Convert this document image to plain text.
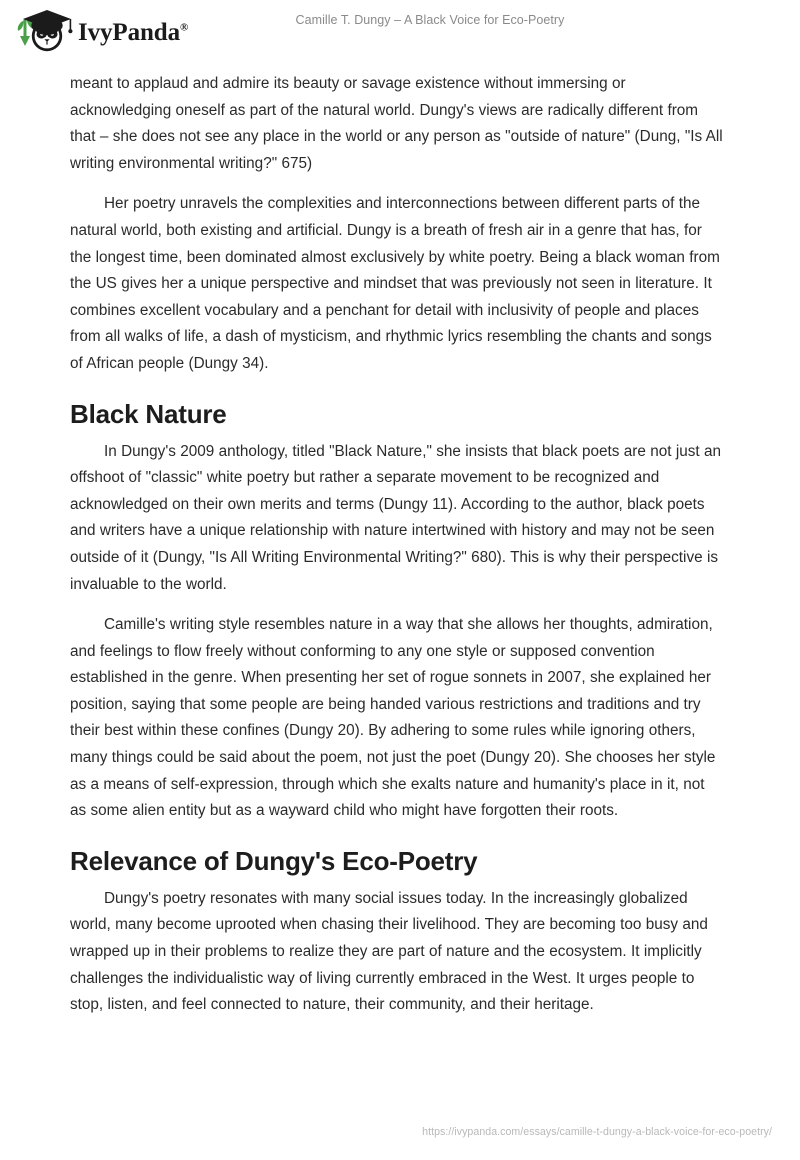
IvyPanda®
Camille T. Dungy – A Black Voice for Eco-Poetry

meant to applaud and admire its beauty or savage existence without immersing or acknowledging oneself as part of the natural world. Dungy's views are radically different from that – she does not see any place in the world or any person as "outside of nature" (Dung, "Is All writing environmental writing?" 675)

Her poetry unravels the complexities and interconnections between different parts of the natural world, both existing and artificial. Dungy is a breath of fresh air in a genre that has, for the longest time, been dominated almost exclusively by white poetry. Being a black woman from the US gives her a unique perspective and mindset that was previously not seen in literature. It combines excellent vocabulary and a penchant for detail with inclusivity of people and places from all walks of life, a dash of mysticism, and rhythmic lyrics resembling the chants and songs of African people (Dungy 34).

Black Nature

In Dungy's 2009 anthology, titled "Black Nature," she insists that black poets are not just an offshoot of "classic" white poetry but rather a separate movement to be recognized and acknowledged on their own merits and terms (Dungy 11). According to the author, black poets and writers have a unique relationship with nature intertwined with history and may not be seen outside of it (Dungy, "Is All Writing Environmental Writing?" 680). This is why their perspective is invaluable to the world.

Camille's writing style resembles nature in a way that she allows her thoughts, admiration, and feelings to flow freely without conforming to any one style or supposed convention established in the genre. When presenting her set of rogue sonnets in 2007, she explained her position, saying that some people are being handed various restrictions and traditions and try their best within these confines (Dungy 20). By adhering to some rules while ignoring others, many things could be said about the poem, not just the poet (Dungy 20). She chooses her style as a means of self-expression, through which she exalts nature and humanity's place in it, not as some alien entity but as a wayward child who might have forgotten their roots.

Relevance of Dungy's Eco-Poetry

Dungy's poetry resonates with many social issues today. In the increasingly globalized world, many become uprooted when chasing their livelihood. They are becoming too busy and wrapped up in their problems to realize they are part of nature and the ecosystem. It implicitly challenges the individualistic way of living currently embraced in the West. It urges people to stop, listen, and feel connected to nature, their community, and their heritage.

https://ivypanda.com/essays/camille-t-dungy-a-black-voice-for-eco-poetry/
